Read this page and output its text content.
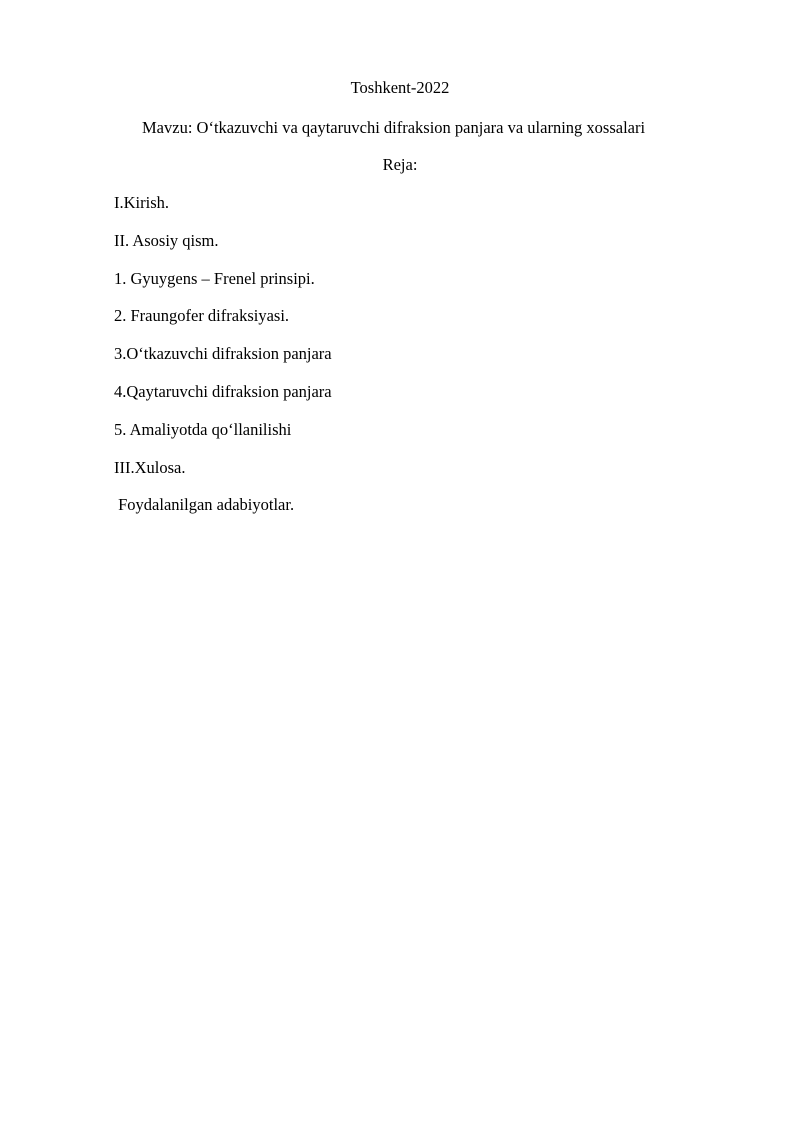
Toshkent-2022
Mavzu: O‘tkazuvchi va qaytaruvchi difraksion panjara va ularning xossalari
Reja:
I.Kirish.
II. Asosiy qism.
1. Gyuygens – Frenel prinsipi.
2. Fraungofer difraksiyasi.
3.O‘tkazuvchi difraksion panjara
4.Qaytaruvchi difraksion panjara
5. Amaliyotda qo‘llanilishi
III.Xulosa.
Foydalanilgan adabiyotlar.
